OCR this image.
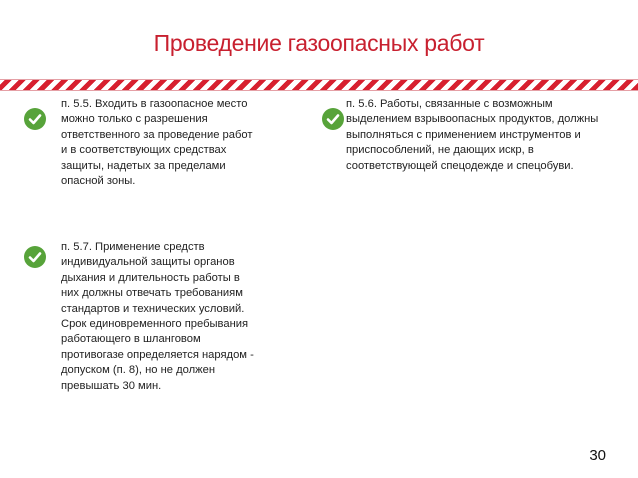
Проведение газоопасных работ
п. 5.5. Входить в газоопасное место
можно только с разрешения
ответственного за проведение работ
и в соответствующих средствах
защиты, надетых за пределами
опасной зоны.
п. 5.6. Работы, связанные с возможным
выделением взрывоопасных продуктов, должны
выполняться с применением инструментов и
приспособлений, не дающих искр, в
соответствующей спецодежде и спецобуви.
п. 5.7. Применение средств
индивидуальной защиты органов
дыхания и длительность работы в
них должны отвечать требованиям
стандартов и технических условий.
Срок единовременного пребывания
работающего в шланговом
противогазе определяется нарядом -
допуском (п. 8), но не должен
превышать 30 мин.
30
